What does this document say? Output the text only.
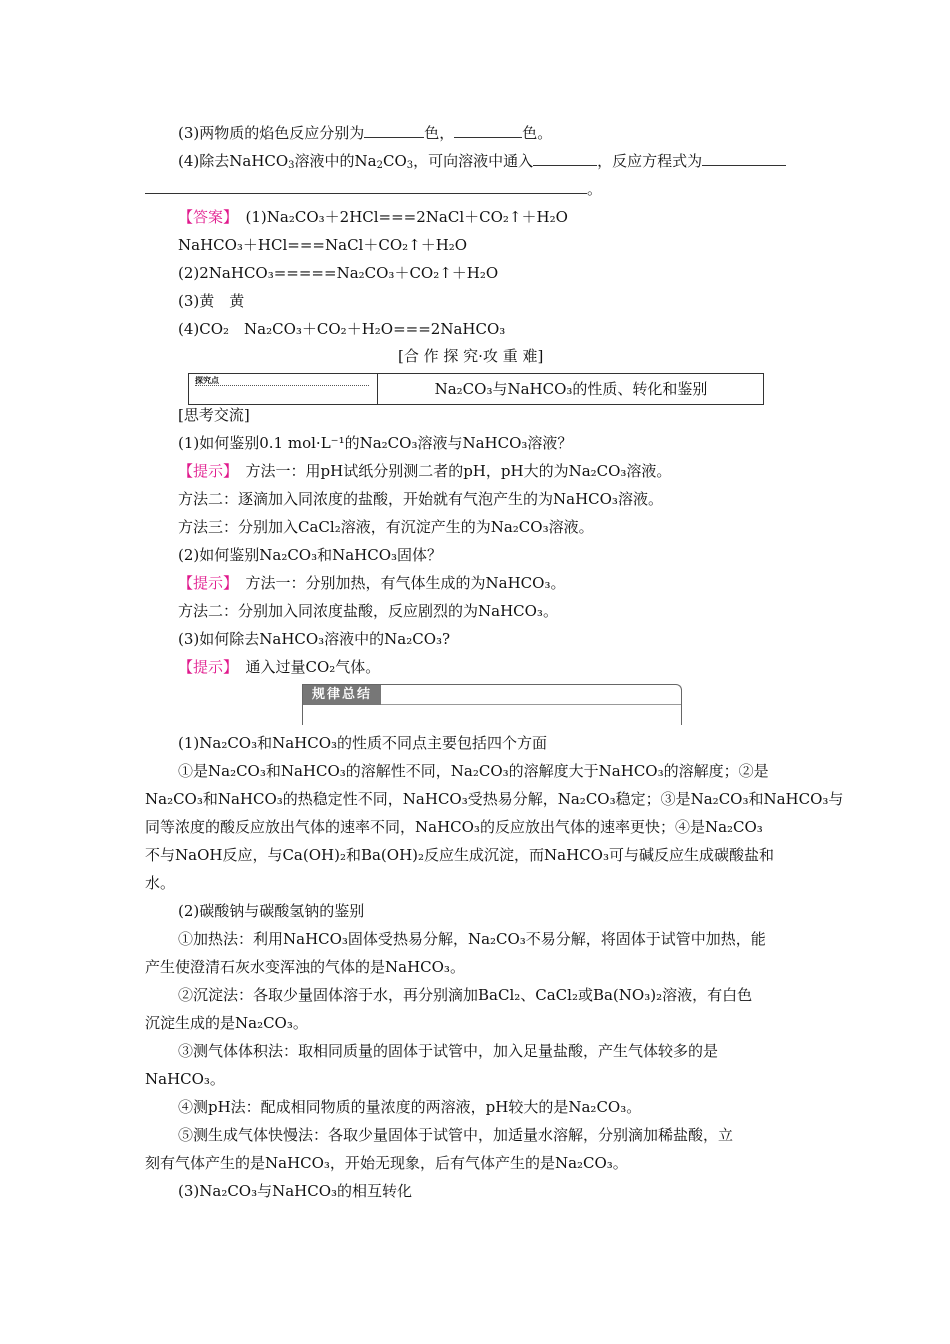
(3)两物质的焰色反应分别为	色，	色。
(4)除去NaHCO$_3$溶液中的$Na_2CO_3$，可向溶液中通入	，反应方程式为
。
【答案】　 (1)Na₂CO₃＋2HCl===2NaCl＋CO₂↑＋H₂O
NaHCO₃＋HCl===NaCl＋CO₂↑＋H₂O
(2)2NaHCO₃=====Na₂CO₃＋CO₂↑＋H₂O
(3)黄　黄
(4)CO₂　Na₂CO₃＋CO₂＋H₂O===2NaHCO₃
[合 作 探 究·攻 重 难]
探究点	Na₂CO₃与NaHCO₃的性质、转化和鉴别
[思考交流]
(1)如何鉴别0.1 mol·L⁻¹的Na₂CO₃溶液与NaHCO₃溶液？
【提示】　方法一：用pH试纸分别测二者的pH，pH大的为Na₂CO₃溶液。
方法二：逐滴加入同浓度的盐酸，开始就有气泡产生的为NaHCO₃溶液。
方法三：分别加入CaCl₂溶液，有沉淀产生的为Na₂CO₃溶液。
(2)如何鉴别Na₂CO₃和NaHCO₃固体？
【提示】　方法一：分别加热，有气体生成的为NaHCO₃。
方法二：分别加入同浓度盐酸，反应剧烈的为NaHCO₃。
(3)如何除去NaHCO₃溶液中的Na₂CO₃?
【提示】　通入过量CO₂气体。
规律总结
(1)Na₂CO₃和NaHCO₃的性质不同点主要包括四个方面
①是Na₂CO₃和NaHCO₃的溶解性不同，Na₂CO₃的溶解度大于NaHCO₃的溶解度；②是
Na₂CO₃和NaHCO₃的热稳定性不同，NaHCO₃受热易分解，Na₂CO₃稳定；③是Na₂CO₃和NaHCO₃与
同等浓度的酸反应放出气体的速率不同，NaHCO₃的反应放出气体的速率更快；④是Na₂CO₃
不与NaOH反应，与Ca(OH)₂和Ba(OH)₂反应生成沉淀，而NaHCO₃可与碱反应生成碳酸盐和
水。
(2)碳酸钠与碳酸氢钠的鉴别
①加热法：利用NaHCO₃固体受热易分解，Na₂CO₃不易分解，将固体于试管中加热，能
产生使澄清石灰水变浑浊的气体的是NaHCO₃。
②沉淀法：各取少量固体溶于水，再分别滴加BaCl₂、CaCl₂或Ba(NO₃)₂溶液，有白色
沉淀生成的是Na₂CO₃。
③测气体体积法：取相同质量的固体于试管中，加入足量盐酸，产生气体较多的是
NaHCO₃。
④测pH法：配成相同物质的量浓度的两溶液，pH较大的是Na₂CO₃。
⑤测生成气体快慢法：各取少量固体于试管中，加适量水溶解，分别滴加稀盐酸，立
刻有气体产生的是NaHCO₃，开始无现象，后有气体产生的是Na₂CO₃。
(3)Na₂CO₃与NaHCO₃的相互转化
